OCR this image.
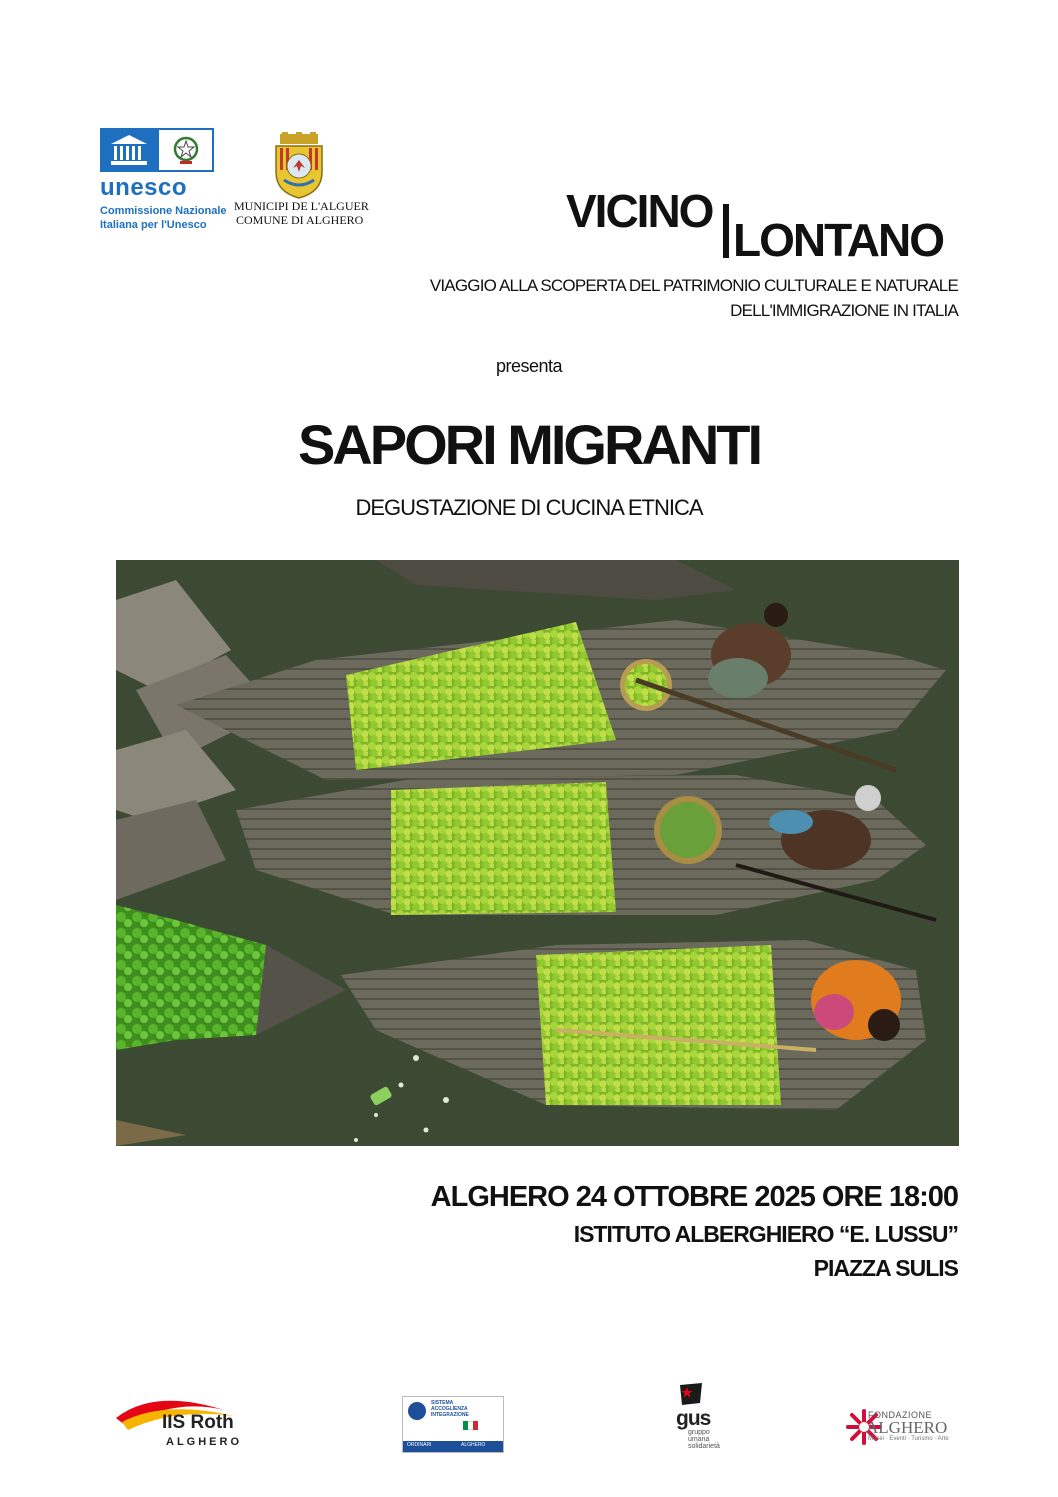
unesco
Commissione Nazionale
Italiana per l'Unesco
MUNICIPI DE L'ALGUER
COMUNE DI ALGHERO	VICINO
LONTANO
VIAGGIO ALLA SCOPERTA DEL PATRIMONIO CULTURALE E NATURALE
DELL'IMMIGRAZIONE IN ITALIA
presenta
SAPORI MIGRANTI
DEGUSTAZIONE DI CUCINA ETNICA
ALGHERO 24 OTTOBRE 2025 ORE 18:00
ISTITUTO ALBERGHIERO “E. LUSSU”
PIAZZA SULIS
IIS Roth
ALGHERO
SISTEMA
ACCOGLIENZA
INTEGRAZIONE
ORDINARI	ALGHERO
gus
gruppo
umana
solidarietà
FONDAZIONE
ALGHERO
Musei · Eventi · Turismo · Arte
